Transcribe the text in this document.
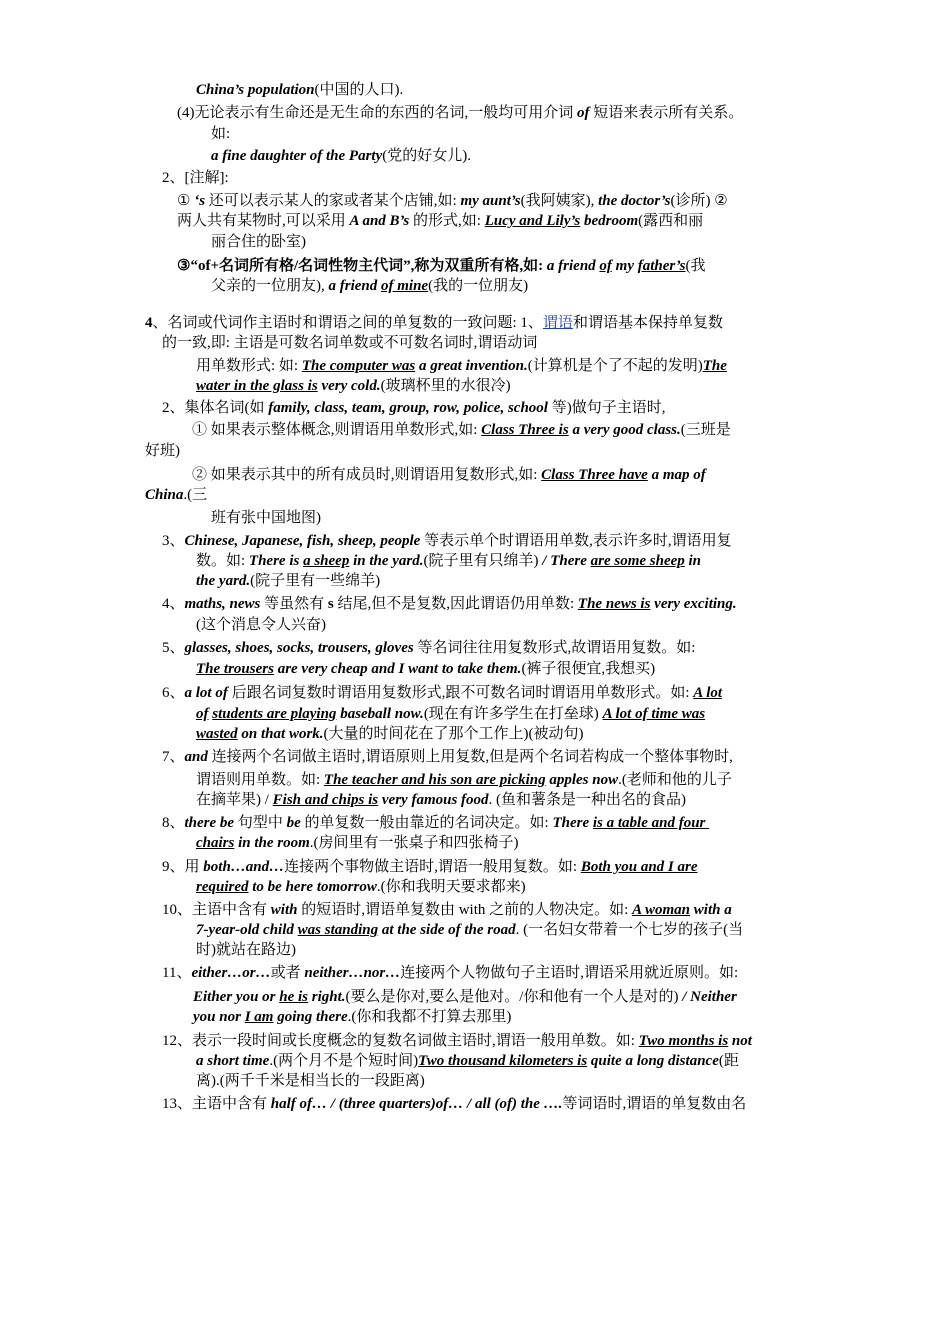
China’s population(中国的人口).
(4)无论表示有生命还是无生命的东西的名词,一般均可用介词 of 短语来表示所有关系。
如:
a fine daughter of the Party(党的好女儿).
2、[注解]:
① ‘s 还可以表示某人的家或者某个店铺,如: my aunt’s(我阿姨家), the doctor’s(诊所) ②
两人共有某物时,可以采用 A and B’s 的形式,如: Lucy and Lily’s bedroom(露西和丽
丽合住的卧室)
③“of+名词所有格/名词性物主代词”,称为双重所有格,如: a friend of my father’s(我
父亲的一位朋友), a friend of mine(我的一位朋友)
4、名词或代词作主语时和谓语之间的单复数的一致问题: 1、谓语和谓语基本保持单复数
的一致,即: 主语是可数名词单数或不可数名词时,谓语动词
用单数形式: 如: The computer was a great invention.(计算机是个了不起的发明)The
water in the glass is very cold.(玻璃杯里的水很冷)
2、集体名词(如 family, class, team, group, row, police, school 等)做句子主语时,
① 如果表示整体概念,则谓语用单数形式,如: Class Three is a very good class.(三班是
好班)
② 如果表示其中的所有成员时,则谓语用复数形式,如: Class Three have a map of
China.(三
班有张中国地图)
3、Chinese, Japanese, fish, sheep, people 等表示单个时谓语用单数,表示许多时,谓语用复
数。如: There is a sheep in the yard.(院子里有只绵羊) / There are some sheep in
the yard.(院子里有一些绵羊)
4、maths, news 等虽然有 s 结尾,但不是复数,因此谓语仍用单数: The news is very exciting.
(这个消息令人兴奋)
5、glasses, shoes, socks, trousers, gloves 等名词往往用复数形式,故谓语用复数。如:
The trousers are very cheap and I want to take them.(裤子很便宜,我想买)
6、a lot of 后跟名词复数时谓语用复数形式,跟不可数名词时谓语用单数形式。如: A lot
of students are playing baseball now.(现在有许多学生在打垒球) A lot of time was
wasted on that work.(大量的时间花在了那个工作上)(被动句)
7、and 连接两个名词做主语时,谓语原则上用复数,但是两个名词若构成一个整体事物时,
谓语则用单数。如: The teacher and his son are picking apples now.(老师和他的儿子
在摘苹果) / Fish and chips is very famous food. (鱼和薯条是一种出名的食品)
8、there be 句型中 be 的单复数一般由靠近的名词决定。如: There is a table and four
chairs in the room.(房间里有一张桌子和四张椅子)
9、用 both…and…连接两个事物做主语时,谓语一般用复数。如: Both you and I are
required to be here tomorrow.(你和我明天要求都来)
10、主语中含有 with 的短语时,谓语单复数由 with 之前的人物决定。如: A woman with a
7-year-old child was standing at the side of the road. (一名妇女带着一个七岁的孩子(当
时)就站在路边)
11、either…or…或者 neither…nor…连接两个人物做句子主语时,谓语采用就近原则。如:
Either you or he is right.(要么是你对,要么是他对。/你和他有一个人是对的) / Neither
you nor I am going there.(你和我都不打算去那里)
12、表示一段时间或长度概念的复数名词做主语时,谓语一般用单数。如: Two months is not
a short time.(两个月不是个短时间)Two thousand kilometers is quite a long distance(距
离).(两千千米是相当长的一段距离)
13、主语中含有 half of… / (three quarters)of… / all (of) the ….等词语时,谓语的单复数由名
